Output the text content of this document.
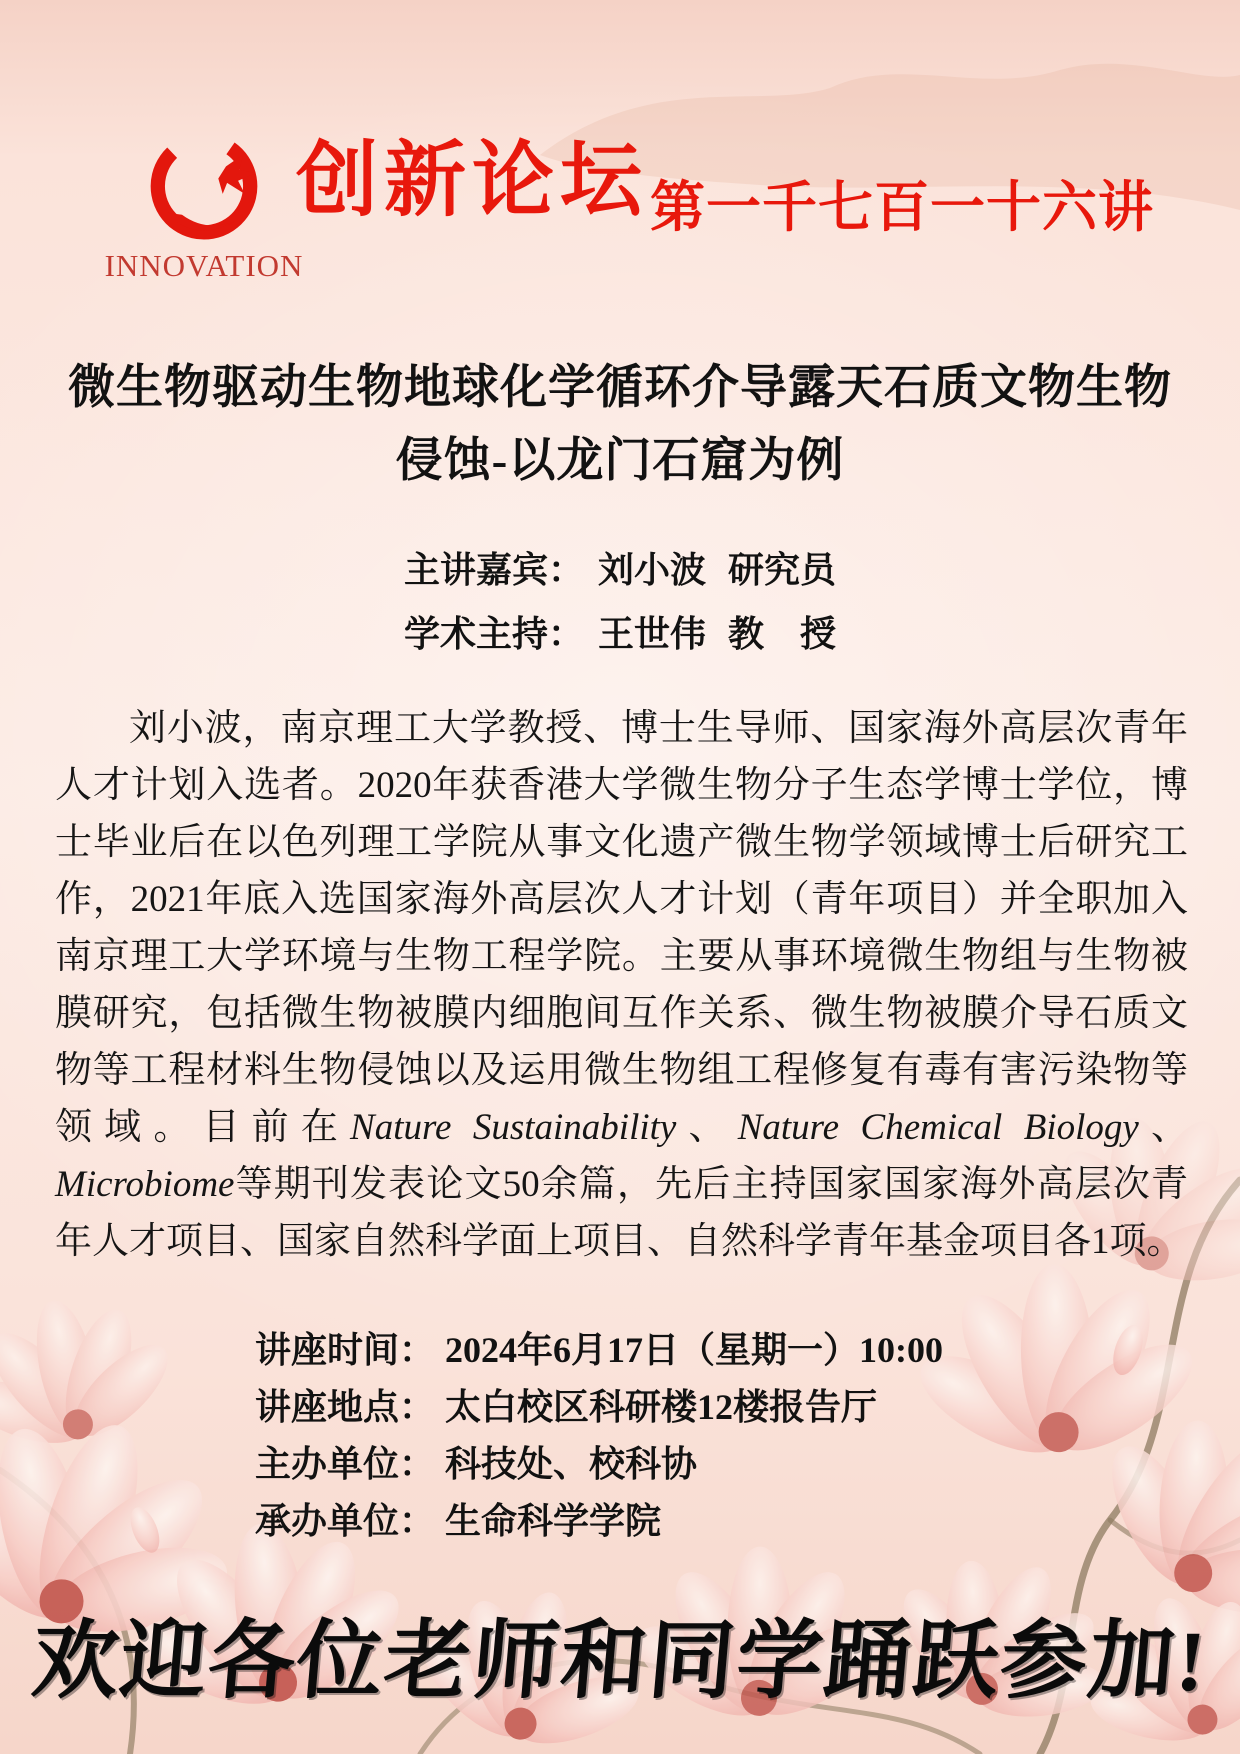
INNOVATION
创新论坛 第一千七百一十六讲
微生物驱动生物地球化学循环介导露天石质文物生物
侵蚀-以龙门石窟为例
主讲嘉宾： 刘小波 研究员
学术主持： 王世伟 教　授
刘小波，南京理工大学教授、博士生导师、国家海外高层次青年人才计划入选者。2020年获香港大学微生物分子生态学博士学位，博士毕业后在以色列理工学院从事文化遗产微生物学领域博士后研究工作，2021年底入选国家海外高层次人才计划（青年项目）并全职加入南京理工大学环境与生物工程学院。主要从事环境微生物组与生物被膜研究，包括微生物被膜内细胞间互作关系、微生物被膜介导石质文物等工程材料生物侵蚀以及运用微生物组工程修复有毒有害污染物等领域。目前在Nature Sustainability、Nature Chemical Biology、Microbiome等期刊发表论文50余篇，先后主持国家国家海外高层次青年人才项目、国家自然科学面上项目、自然科学青年基金项目各1项。
讲座时间： 2024年6月17日（星期一）10:00
讲座地点： 太白校区科研楼12楼报告厅
主办单位： 科技处、校科协
承办单位： 生命科学学院
欢迎各位老师和同学踊跃参加!
